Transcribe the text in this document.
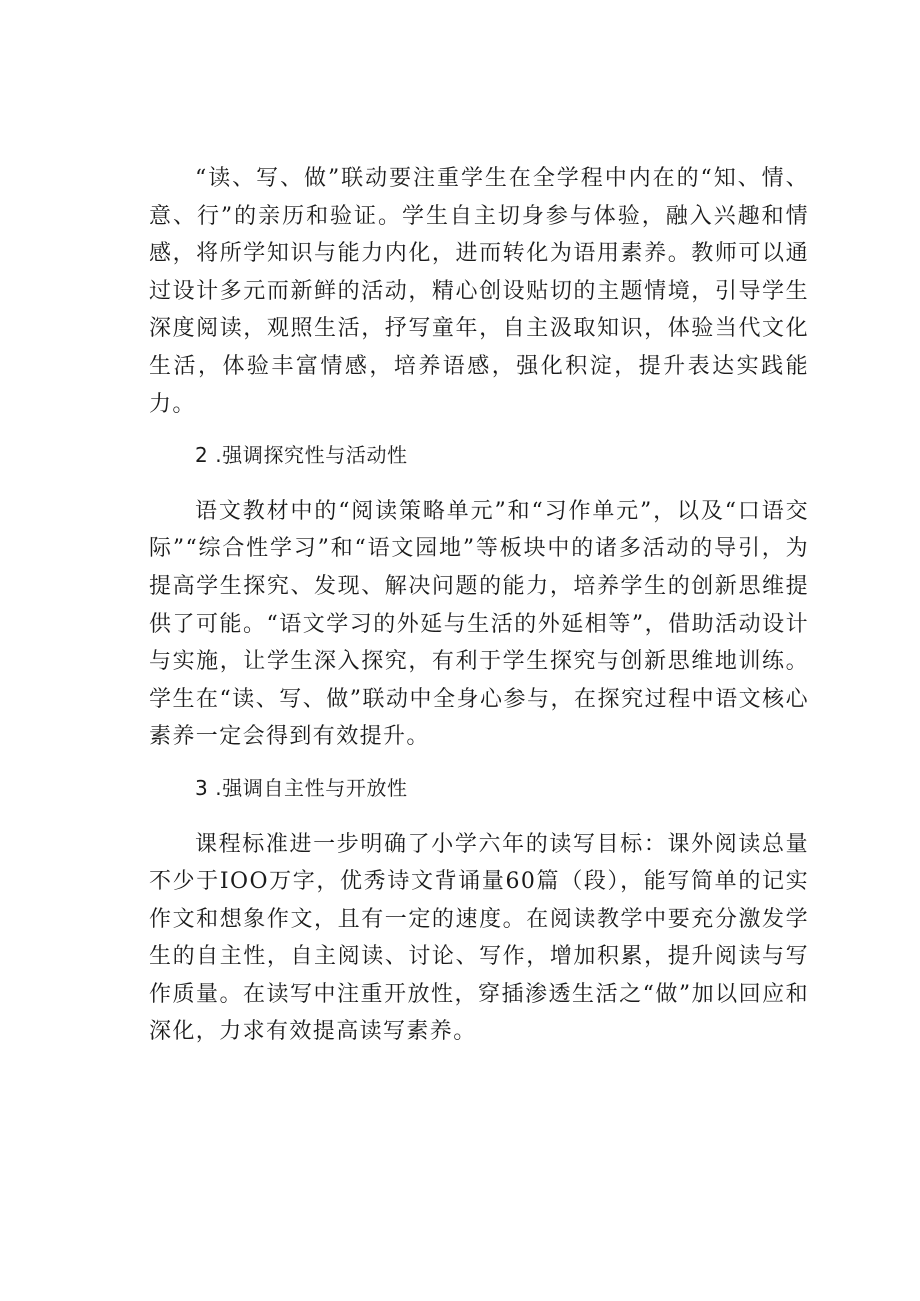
“读、写、做”联动要注重学生在全学程中内在的“知、情、意、行”的亲历和验证。学生自主切身参与体验，融入兴趣和情感，将所学知识与能力内化，进而转化为语用素养。教师可以通过设计多元而新鲜的活动，精心创设贴切的主题情境，引导学生深度阅读，观照生活，抒写童年，自主汲取知识，体验当代文化生活，体验丰富情感，培养语感，强化积淀，提升表达实践能力。

2 .强调探究性与活动性

语文教材中的“阅读策略单元”和“习作单元”，以及“口语交际”“综合性学习”和“语文园地”等板块中的诸多活动的导引，为提高学生探究、发现、解决问题的能力，培养学生的创新思维提供了可能。“语文学习的外延与生活的外延相等”，借助活动设计与实施，让学生深入探究，有利于学生探究与创新思维地训练。学生在“读、写、做”联动中全身心参与，在探究过程中语文核心素养一定会得到有效提升。

3 .强调自主性与开放性

课程标准进一步明确了小学六年的读写目标：课外阅读总量不少于IOO万字，优秀诗文背诵量60篇（段），能写简单的记实作文和想象作文，且有一定的速度。在阅读教学中要充分激发学生的自主性，自主阅读、讨论、写作，增加积累，提升阅读与写作质量。在读写中注重开放性，穿插渗透生活之“做”加以回应和深化，力求有效提高读写素养。
